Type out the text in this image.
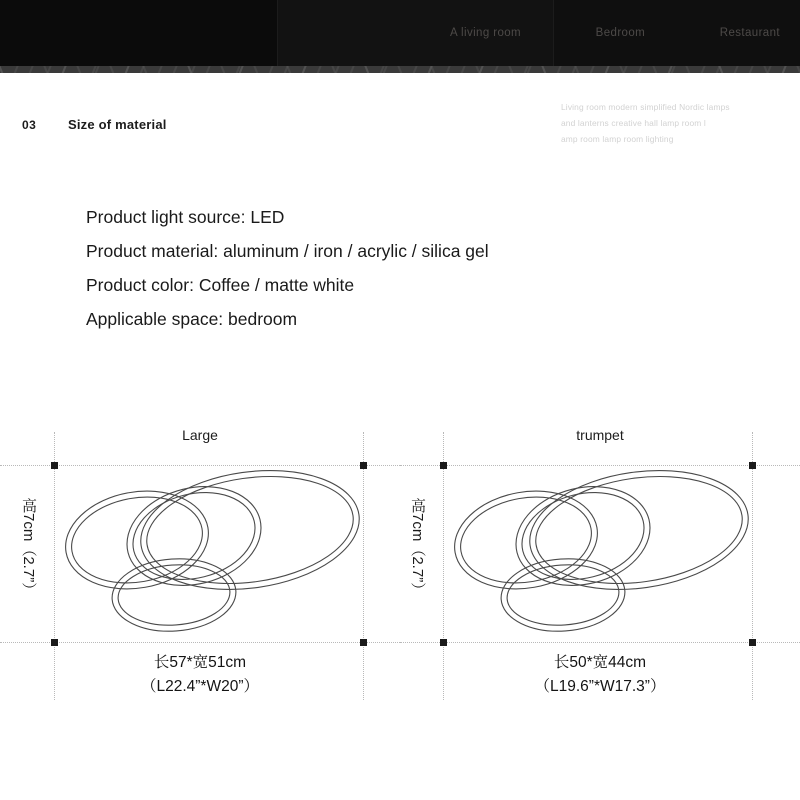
A living room	Bedroom	Restaurant
03 Size of material
Living room modern simplified Nordic lamps
and lanterns creative hall lamp room l
amp room lamp room lighting
Product light source: LED
Product material: aluminum / iron / acrylic / silica gel
Product color: Coffee / matte white
Applicable space: bedroom
Large
高7cm（2.7”）
长57*宽51cm
（L22.4”*W20”）
trumpet
高7cm（2.7”）
长50*宽44cm
（L19.6”*W17.3”）
